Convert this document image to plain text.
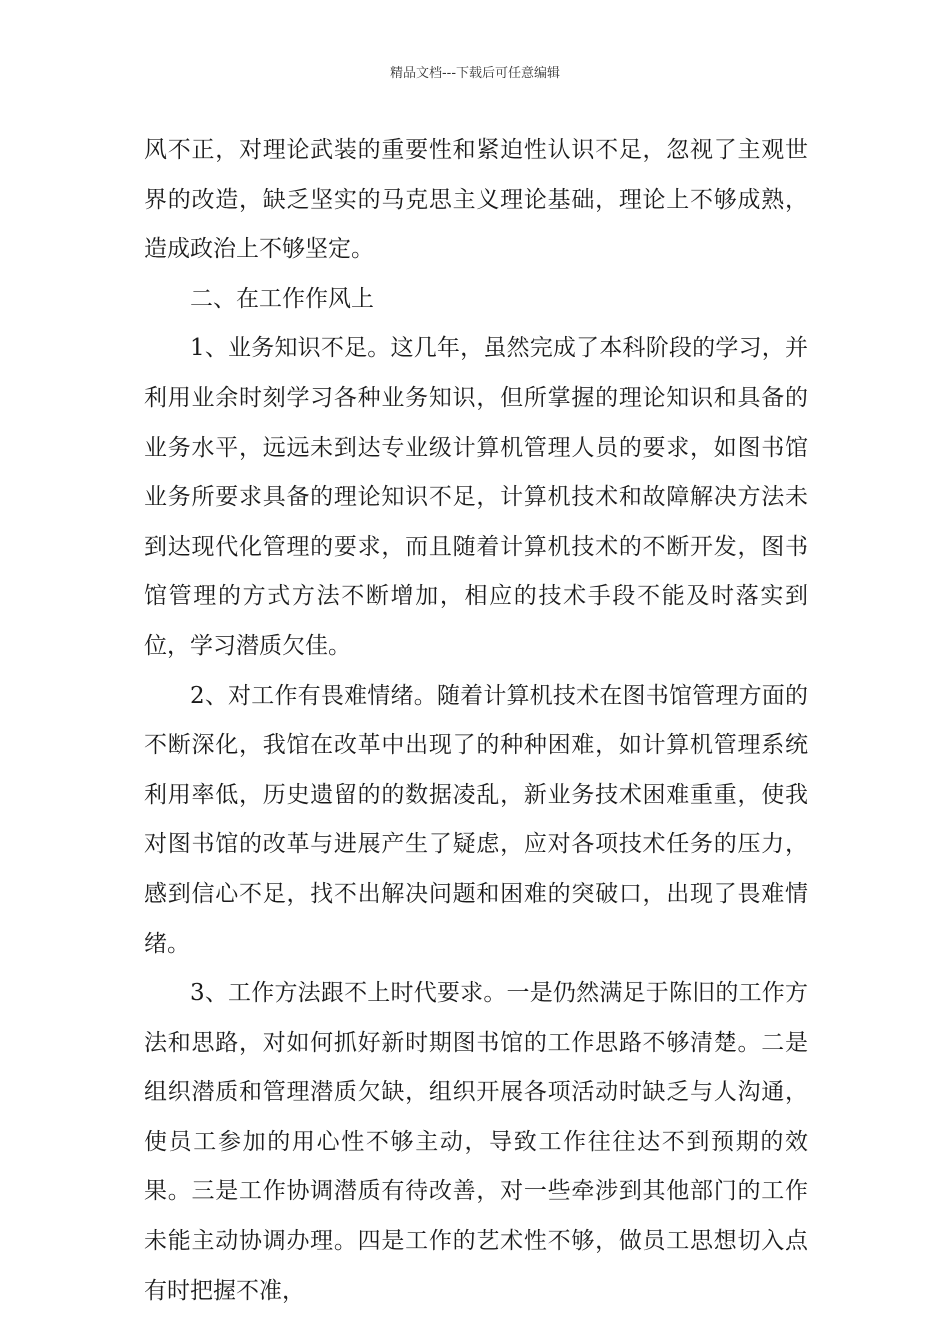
精品文档---下载后可任意编辑

风不正，对理论武装的重要性和紧迫性认识不足，忽视了主观世界的改造，缺乏坚实的马克思主义理论基础，理论上不够成熟，造成政治上不够坚定。

二、在工作作风上

1、业务知识不足。这几年，虽然完成了本科阶段的学习，并利用业余时刻学习各种业务知识，但所掌握的理论知识和具备的业务水平，远远未到达专业级计算机管理人员的要求，如图书馆业务所要求具备的理论知识不足，计算机技术和故障解决方法未到达现代化管理的要求，而且随着计算机技术的不断开发，图书馆管理的方式方法不断增加，相应的技术手段不能及时落实到位，学习潜质欠佳。

2、对工作有畏难情绪。随着计算机技术在图书馆管理方面的不断深化，我馆在改革中出现了的种种困难，如计算机管理系统利用率低，历史遗留的的数据凌乱，新业务技术困难重重，使我对图书馆的改革与进展产生了疑虑，应对各项技术任务的压力，感到信心不足，找不出解决问题和困难的突破口，出现了畏难情绪。

3、工作方法跟不上时代要求。一是仍然满足于陈旧的工作方法和思路，对如何抓好新时期图书馆的工作思路不够清楚。二是组织潜质和管理潜质欠缺，组织开展各项活动时缺乏与人沟通，使员工参加的用心性不够主动，导致工作往往达不到预期的效果。三是工作协调潜质有待改善，对一些牵涉到其他部门的工作未能主动协调办理。四是工作的艺术性不够，做员工思想切入点有时把握不准，
